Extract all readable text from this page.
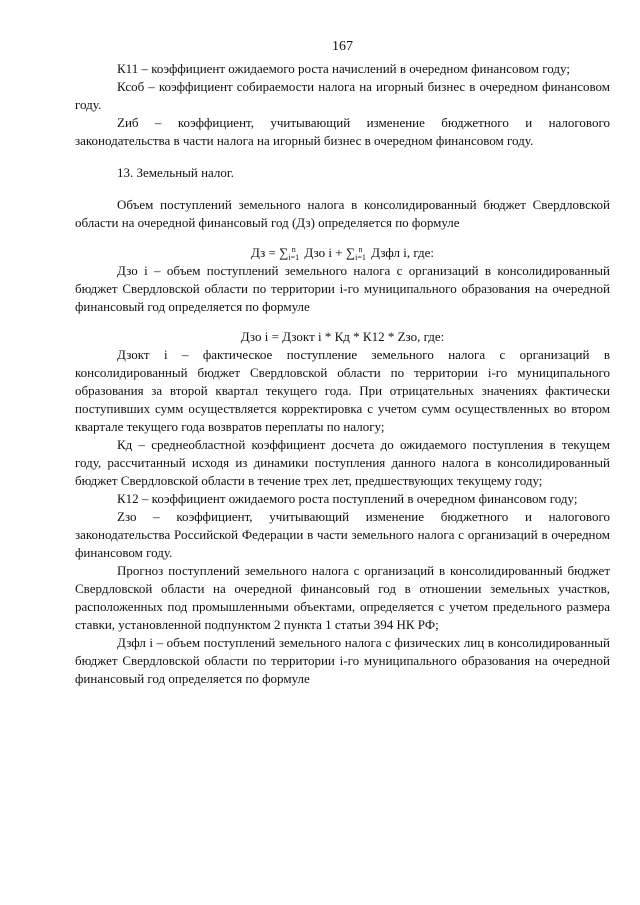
167

К11 – коэффициент ожидаемого роста начислений в очередном финансовом году;

Ксоб – коэффициент собираемости налога на игорный бизнес в очередном финансовом году.

Zиб – коэффициент, учитывающий изменение бюджетного и налогового законодательства в части налога на игорный бизнес в очередном финансовом году.

13. Земельный налог.

Объем поступлений земельного налога в консолидированный бюджет Свердловской области на очередной финансовый год (Дз) определяется по формуле

Дз = ∑ n
i=1 Дзо i + ∑ n
i=1 Дзфл i, где:

Дзо i – объем поступлений земельного налога с организаций в консолидированный бюджет Свердловской области по территории i-го муниципального образования на очередной финансовый год определяется по формуле

Дзо i = Дзокт i * Кд * К12 * Zзо, где:

Дзокт i – фактическое поступление земельного налога с организаций в консолидированный бюджет Свердловской области по территории i-го муниципального образования за второй квартал текущего года. При отрицательных значениях фактически поступивших сумм осуществляется корректировка с учетом сумм осуществленных во втором квартале текущего года возвратов переплаты по налогу;

Кд – среднеобластной коэффициент досчета до ожидаемого поступления в текущем году, рассчитанный исходя из динамики поступления данного налога в консолидированный бюджет Свердловской области в течение трех лет, предшествующих текущему году;

К12 – коэффициент ожидаемого роста поступлений в очередном финансовом году;

Zзо – коэффициент, учитывающий изменение бюджетного и налогового законодательства Российской Федерации в части земельного налога с организаций в очередном финансовом году.

Прогноз поступлений земельного налога с организаций в консолидированный бюджет Свердловской области на очередной финансовый год в отношении земельных участков, расположенных под промышленными объектами, определяется с учетом предельного размера ставки, установленной подпунктом 2 пункта 1 статьи 394 НК РФ;

Дзфл i – объем поступлений земельного налога с физических лиц в консолидированный бюджет Свердловской области по территории i-го муниципального образования на очередной финансовый год определяется по формуле
